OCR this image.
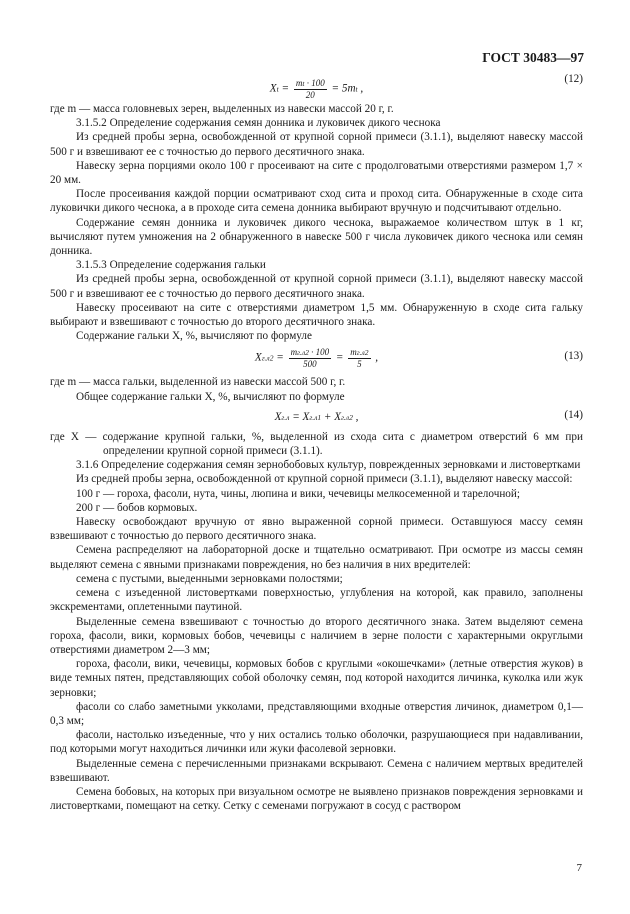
ГОСТ 30483—97
$Xt = \frac{mt \cdot 100}{20} = 5mt$ ,
(12)

где m — масса головневых зерен, выделенных из навески массой 20 г, г.

3.1.5.2 Определение содержания семян донника и луковичек дикого чеснока

Из средней пробы зерна, освобожденной от крупной сорной примеси (3.1.1), выделяют навеску массой 500 г и взвешивают ее с точностью до первого десятичного знака.

Навеску зерна порциями около 100 г просеивают на сите с продолговатыми отверстиями размером 1,7 × 20 мм.

После просеивания каждой порции осматривают сход сита и проход сита. Обнаруженные в сходе сита луковички дикого чеснока, а в проходе сита семена донника выбирают вручную и подсчитывают отдельно.

Содержание семян донника и луковичек дикого чеснока, выражаемое количеством штук в 1 кг, вычисляют путем умножения на 2 обнаруженного в навеске 500 г числа луковичек дикого чеснока или семян донника.

3.1.5.3 Определение содержания гальки

Из средней пробы зерна, освобожденной от крупной сорной примеси (3.1.1), выделяют навеску массой 500 г и взвешивают ее с точностью до первого десятичного знака.

Навеску просеивают на сите с отверстиями диаметром 1,5 мм. Обнаруженную в сходе сита гальку выбирают и взвешивают с точностью до второго десятичного знака.

Содержание гальки X, %, вычисляют по формуле

$Xг.л2 = \frac{mг.л2 \cdot 100}{500} = \frac{mг.л2}{5}$ ,	(13)

где m — масса гальки, выделенной из навески массой 500 г, г.

Общее содержание гальки X, %, вычисляют по формуле

Xг.л = Xг.л1 + Xг.л2 ,	(14)

где X — содержание крупной гальки, %, выделенной из схода сита с диаметром отверстий 6 мм при определении крупной сорной примеси (3.1.1).

3.1.6 Определение содержания семян зернобобовых культур, поврежденных зерновками и листовертками

Из средней пробы зерна, освобожденной от крупной сорной примеси (3.1.1), выделяют навеску массой:

100 г — гороха, фасоли, нута, чины, люпина и вики, чечевицы мелкосеменной и тарелочной;

200 г — бобов кормовых.

Навеску освобождают вручную от явно выраженной сорной примеси. Оставшуюся массу семян взвешивают с точностью до первого десятичного знака.

Семена распределяют на лабораторной доске и тщательно осматривают. При осмотре из массы семян выделяют семена с явными признаками повреждения, но без наличия в них вредителей:

семена с пустыми, выеденными зерновками полостями;

семена с изъеденной листовертками поверхностью, углубления на которой, как правило, заполнены экскрементами, оплетенными паутиной.

Выделенные семена взвешивают с точностью до второго десятичного знака. Затем выделяют семена гороха, фасоли, вики, кормовых бобов, чечевицы с наличием в зерне полости с характерными округлыми отверстиями диаметром 2—3 мм;

гороха, фасоли, вики, чечевицы, кормовых бобов с круглыми «окошечками» (летные отверстия жуков) в виде темных пятен, представляющих собой оболочку семян, под которой находится личинка, куколка или жук зерновки;

фасоли со слабо заметными укколами, представляющими входные отверстия личинок, диаметром 0,1—0,3 мм;

фасоли, настолько изъеденные, что у них остались только оболочки, разрушающиеся при надавливании, под которыми могут находиться личинки или жуки фасолевой зерновки.

Выделенные семена с перечисленными признаками вскрывают. Семена с наличием мертвых вредителей взвешивают.

Семена бобовых, на которых при визуальном осмотре не выявлено признаков повреждения зерновками и листовертками, помещают на сетку. Сетку с семенами погружают в сосуд с раствором

7
